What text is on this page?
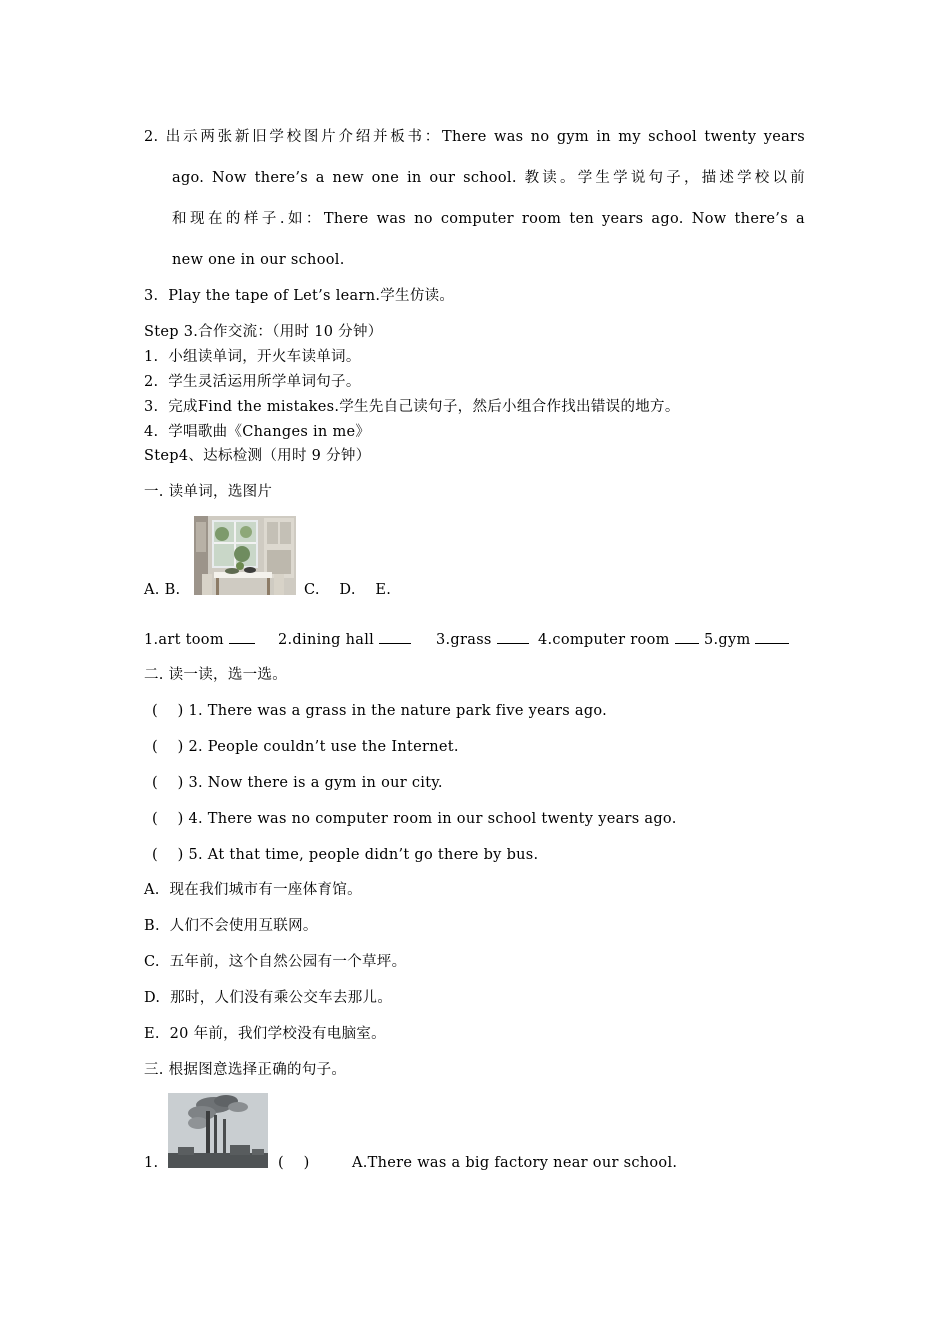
2. 出示两张新旧学校图片介绍并板书：There was no gym in my school twenty years
ago. Now there’s a new one in our school. 教读。学生学说句子，描述学校以前
和现在的样子.如：There was no computer room ten years ago. Now there’s a
new one in our school.
3.  Play the tape of Let’s learn.学生仿读。
Step 3.合作交流：（用时 10 分钟）
1.  小组读单词，开火车读单词。
2.  学生灵活运用所学单词句子。
3.  完成Find the mistakes.学生先自己读句子，然后小组合作找出错误的地方。
4.  学唱歌曲《Changes in me》
Step4、达标检测（用时 9 分钟）
一. 读单词，选图片
A. B.	C.    D.    E.
1.art toom	2.dining hall	3.grass	4.computer room	5.gym
二. 读一读，选一选。
(    ) 1. There was a grass in the nature park five years ago.
(    ) 2. People couldn’t use the Internet.
(    ) 3. Now there is a gym in our city.
(    ) 4. There was no computer room in our school twenty years ago.
(    ) 5. At that time, people didn’t go there by bus.
A.  现在我们城市有一座体育馆。
B.  人们不会使用互联网。
C.  五年前，这个自然公园有一个草坪。
D.  那时，人们没有乘公交车去那儿。
E.  20 年前，我们学校没有电脑室。
三. 根据图意选择正确的句子。
1.	(    )	A.There was a big factory near our school.
